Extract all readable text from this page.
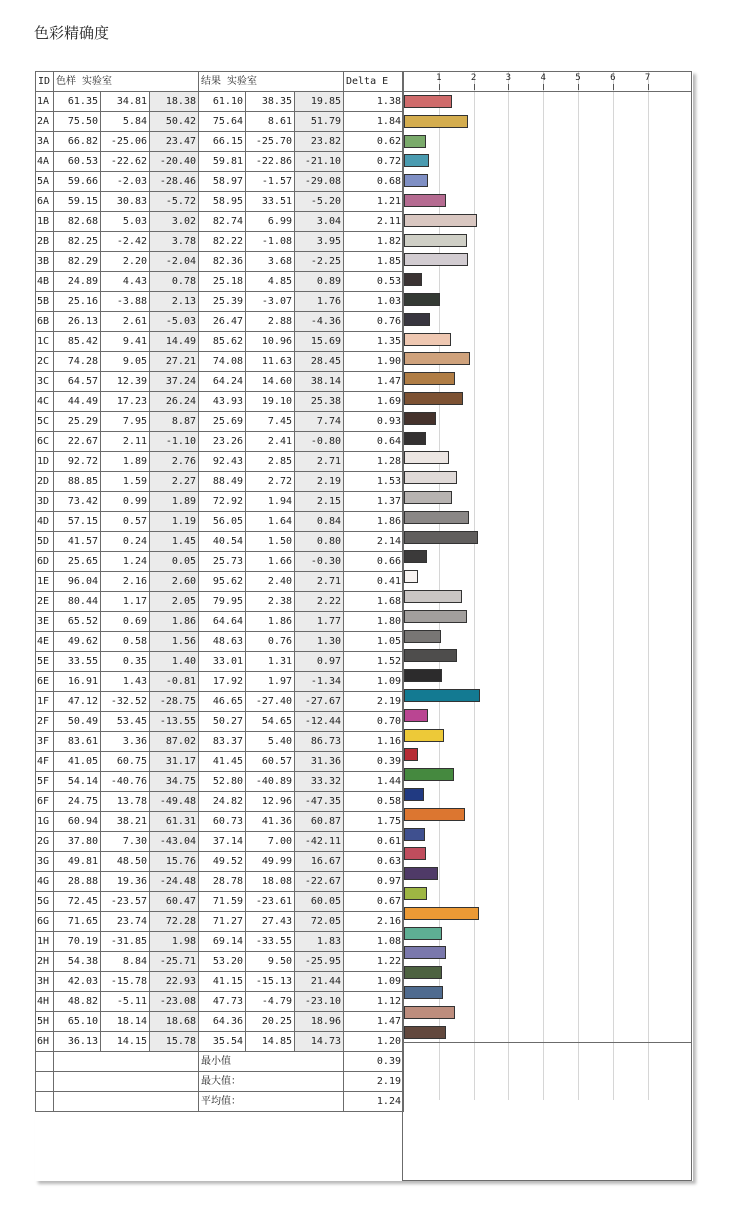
色彩精确度
ID	色样 实验室			结果 实验室			Delta E
1A	61.35	34.81	18.38	61.10	38.35	19.85	1.38
2A	75.50	5.84	50.42	75.64	8.61	51.79	1.84
3A	66.82	-25.06	23.47	66.15	-25.70	23.82	0.62
4A	60.53	-22.62	-20.40	59.81	-22.86	-21.10	0.72
5A	59.66	-2.03	-28.46	58.97	-1.57	-29.08	0.68
6A	59.15	30.83	-5.72	58.95	33.51	-5.20	1.21
1B	82.68	5.03	3.02	82.74	6.99	3.04	2.11
2B	82.25	-2.42	3.78	82.22	-1.08	3.95	1.82
3B	82.29	2.20	-2.04	82.36	3.68	-2.25	1.85
4B	24.89	4.43	0.78	25.18	4.85	0.89	0.53
5B	25.16	-3.88	2.13	25.39	-3.07	1.76	1.03
6B	26.13	2.61	-5.03	26.47	2.88	-4.36	0.76
1C	85.42	9.41	14.49	85.62	10.96	15.69	1.35
2C	74.28	9.05	27.21	74.08	11.63	28.45	1.90
3C	64.57	12.39	37.24	64.24	14.60	38.14	1.47
4C	44.49	17.23	26.24	43.93	19.10	25.38	1.69
5C	25.29	7.95	8.87	25.69	7.45	7.74	0.93
6C	22.67	2.11	-1.10	23.26	2.41	-0.80	0.64
1D	92.72	1.89	2.76	92.43	2.85	2.71	1.28
2D	88.85	1.59	2.27	88.49	2.72	2.19	1.53
3D	73.42	0.99	1.89	72.92	1.94	2.15	1.37
4D	57.15	0.57	1.19	56.05	1.64	0.84	1.86
5D	41.57	0.24	1.45	40.54	1.50	0.80	2.14
6D	25.65	1.24	0.05	25.73	1.66	-0.30	0.66
1E	96.04	2.16	2.60	95.62	2.40	2.71	0.41
2E	80.44	1.17	2.05	79.95	2.38	2.22	1.68
3E	65.52	0.69	1.86	64.64	1.86	1.77	1.80
4E	49.62	0.58	1.56	48.63	0.76	1.30	1.05
5E	33.55	0.35	1.40	33.01	1.31	0.97	1.52
6E	16.91	1.43	-0.81	17.92	1.97	-1.34	1.09
1F	47.12	-32.52	-28.75	46.65	-27.40	-27.67	2.19
2F	50.49	53.45	-13.55	50.27	54.65	-12.44	0.70
3F	83.61	3.36	87.02	83.37	5.40	86.73	1.16
4F	41.05	60.75	31.17	41.45	60.57	31.36	0.39
5F	54.14	-40.76	34.75	52.80	-40.89	33.32	1.44
6F	24.75	13.78	-49.48	24.82	12.96	-47.35	0.58
1G	60.94	38.21	61.31	60.73	41.36	60.87	1.75
2G	37.80	7.30	-43.04	37.14	7.00	-42.11	0.61
3G	49.81	48.50	15.76	49.52	49.99	16.67	0.63
4G	28.88	19.36	-24.48	28.78	18.08	-22.67	0.97
5G	72.45	-23.57	60.47	71.59	-23.61	60.05	0.67
6G	71.65	23.74	72.28	71.27	27.43	72.05	2.16
1H	70.19	-31.85	1.98	69.14	-33.55	1.83	1.08
2H	54.38	8.84	-25.71	53.20	9.50	-25.95	1.22
3H	42.03	-15.78	22.93	41.15	-15.13	21.44	1.09
4H	48.82	-5.11	-23.08	47.73	-4.79	-23.10	1.12
5H	65.10	18.14	18.68	64.36	20.25	18.96	1.47
6H	36.13	14.15	15.78	35.54	14.85	14.73	1.20
				最小值			0.39
				最大值：			2.19
				平均值：			1.24
1	2	3	4	5	6	7
